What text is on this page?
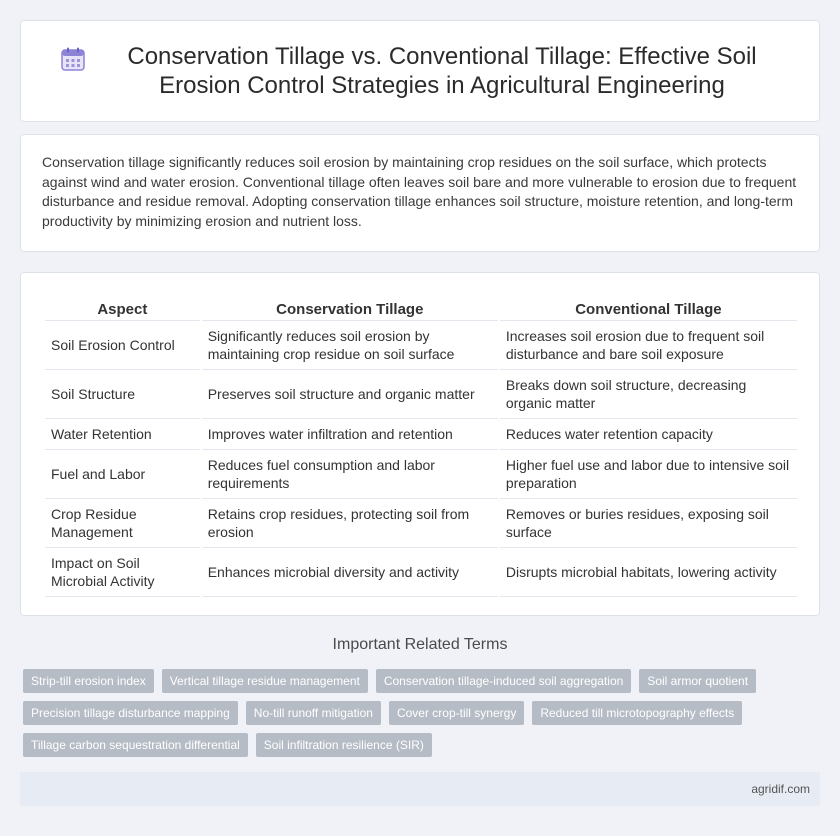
Conservation Tillage vs. Conventional Tillage: Effective Soil Erosion Control Strategies in Agricultural Engineering

Conservation tillage significantly reduces soil erosion by maintaining crop residues on the soil surface, which protects against wind and water erosion. Conventional tillage often leaves soil bare and more vulnerable to erosion due to frequent disturbance and residue removal. Adopting conservation tillage enhances soil structure, moisture retention, and long-term productivity by minimizing erosion and nutrient loss.

Aspect	Conservation Tillage	Conventional Tillage
Soil Erosion Control	Significantly reduces soil erosion by maintaining crop residue on soil surface	Increases soil erosion due to frequent soil disturbance and bare soil exposure
Soil Structure	Preserves soil structure and organic matter	Breaks down soil structure, decreasing organic matter
Water Retention	Improves water infiltration and retention	Reduces water retention capacity
Fuel and Labor	Reduces fuel consumption and labor requirements	Higher fuel use and labor due to intensive soil preparation
Crop Residue Management	Retains crop residues, protecting soil from erosion	Removes or buries residues, exposing soil surface
Impact on Soil Microbial Activity	Enhances microbial diversity and activity	Disrupts microbial habitats, lowering activity
Important Related Terms
Strip-till erosion index	Vertical tillage residue management	Conservation tillage-induced soil aggregation	Soil armor quotient
Precision tillage disturbance mapping	No-till runoff mitigation	Cover crop-till synergy	Reduced till microtopography effects
Tillage carbon sequestration differential	Soil infiltration resilience (SIR)
agridif.com
